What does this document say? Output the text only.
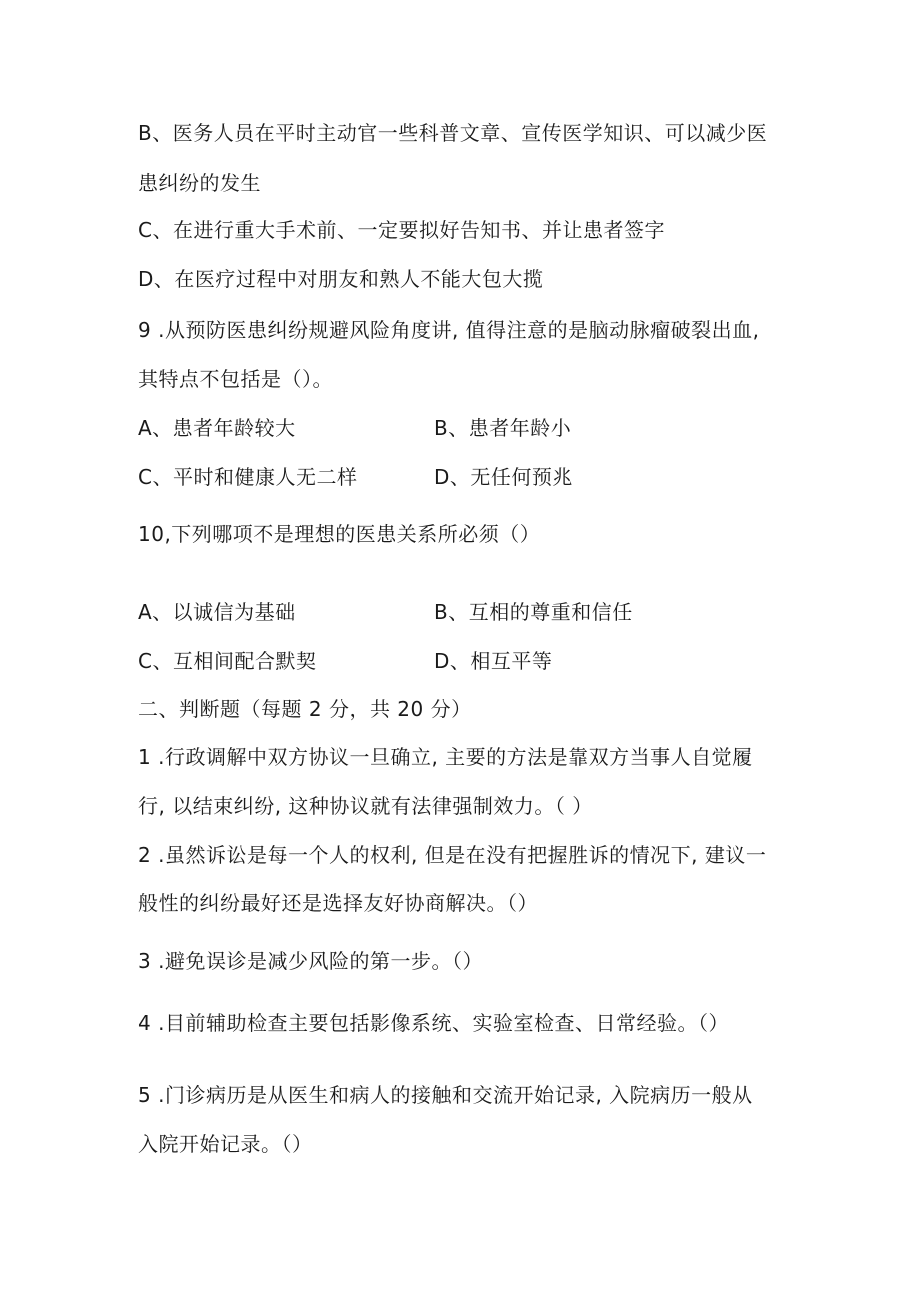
B、医务人员在平时主动官一些科普文章、宣传医学知识、可以减少医
患纠纷的发生
C、在进行重大手术前、一定要拟好告知书、并让患者签字
D、在医疗过程中对朋友和熟人不能大包大揽
9 .从预防医患纠纷规避风险角度讲, 值得注意的是脑动脉瘤破裂出血,
其特点不包括是（）。
A、患者年龄较大	B、患者年龄小
C、平时和健康人无二样	D、无任何预兆
10,下列哪项不是理想的医患关系所必须（）
A、以诚信为基础	B、互相的尊重和信任
C、互相间配合默契	D、相互平等
二、判断题（每题 2 分，共 20 分）
1 .行政调解中双方协议一旦确立, 主要的方法是靠双方当事人自觉履
行, 以结束纠纷, 这种协议就有法律强制效力。（ ）
2 .虽然诉讼是每一个人的权利, 但是在没有把握胜诉的情况下, 建议一
般性的纠纷最好还是选择友好协商解决。（）
3 .避免误诊是减少风险的第一步。（）
4 .目前辅助检查主要包括影像系统、实验室检查、日常经验。（）
5 .门诊病历是从医生和病人的接触和交流开始记录, 入院病历一般从
入院开始记录。（）
